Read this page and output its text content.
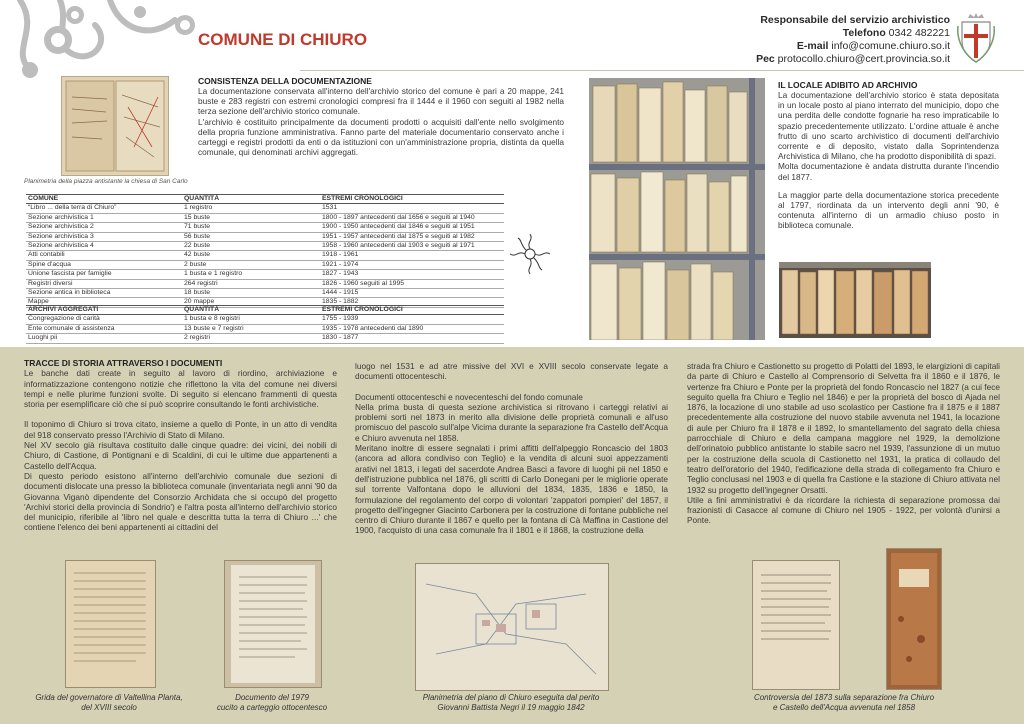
COMUNE DI CHIURO
Responsabile del servizio archivistico
Telefono 0342 482221
E-mail info@comune.chiuro.so.it
Pec protocollo.chiuro@cert.provincia.so.it
Planimetria della piazza antistante la chiesa di San Carlo
CONSISTENZA DELLA DOCUMENTAZIONE
La documentazione conservata all'interno dell'archivio storico del comune è pari a 20 mappe, 241 buste e 283 registri con estremi cronologici compresi fra il 1444 e il 1960 con seguiti al 1982 nella terza sezione dell'archivio storico comunale.
L'archivio è costituito principalmente da documenti prodotti o acquisiti dall'ente nello svolgimento della propria funzione amministrativa. Fanno parte del materiale documentario conservato anche i carteggi e registri prodotti da enti o da istituzioni con un'amministrazione propria, distinta da quella comunale, qui denominati archivi aggregati.
COMUNE	QUANTITÀ	ESTREMI CRONOLOGICI
“Libro ... della terra di Chiuro”	1 registro	1531
Sezione archivistica 1	15 buste	1800 - 1897 antecedenti dal 1656 e seguiti al 1940
Sezione archivistica 2	71 buste	1900 - 1950 antecedenti dal 1846 e seguiti al 1951
Sezione archivistica 3	56 buste	1951 - 1957 antecedenti dal 1875 e seguiti al 1982
Sezione archivistica 4	22 buste	1958 - 1960 antecedenti dal 1903 e seguiti al 1971
Atti contabili	42 buste	1918 - 1961
Spine d'acqua	2 buste	1921 - 1974
Unione fascista per famiglie	1 busta e 1 registro	1827 - 1943
Registri diversi	264 registri	1826 - 1960 seguiti al 1995
Sezione antica in biblioteca	18 buste	1444 - 1915
Mappe	20 mappe	1835 - 1882
ARCHIVI AGGREGATI	QUANTITÀ	ESTREMI CRONOLOGICI
Congregazione di carità	1 busta e 8 registri	1755 - 1939
Ente comunale di assistenza	13 buste e 7 registri	1935 - 1978 antecedenti dal 1890
Luoghi pii	2 registri	1830 - 1877
IL LOCALE ADIBITO AD ARCHIVIO
La documentazione dell'archivio storico è stata depositata in un locale posto al piano interrato del municipio, dopo che una perdita delle condotte fognarie ha reso impraticabile lo spazio precedentemente utilizzato. L'ordine attuale è anche frutto di uno scarto archivistico di documenti dell'archivio corrente e di deposito, vistato dalla Soprintendenza Archivistica di Milano, che ha prodotto disponibilità di spazi.
Molta documentazione è andata distrutta durante l'incendio del 1877.
La maggior parte della documentazione storica precedente al 1797, riordinata da un intervento degli anni '90, è contenuta all'interno di un armadio chiuso posto in biblioteca comunale.
TRACCE DI STORIA ATTRAVERSO I DOCUMENTI
Le banche dati create in seguito al lavoro di riordino, archiviazione e informatizzazione contengono notizie che riflettono la vita del comune nei diversi tempi e nelle plurime funzioni svolte. Di seguito si elencano frammenti di questa storia per esemplificare ciò che si può scoprire consultando le fonti archivistiche.
Il toponimo di Chiuro si trova citato, insieme a quello di Ponte, in un atto di vendita del 918 conservato presso l'Archivio di Stato di Milano.
Nel XV secolo già risultava costituito dalle cinque quadre: dei vicini, dei nobili di Chiuro, di Castione, di Pontignani e di Scaldini, di cui le ultime due appartenenti a Castello dell'Acqua.
Di questo periodo esistono all'interno dell'archivio comunale due sezioni di documenti dislocate una presso la biblioteca comunale (inventariata negli anni '90 da Giovanna Viganò dipendente del Consorzio Archidata che si occupò del progetto 'Archivi storici della provincia di Sondrio') e l'altra posta all'interno dell'archivio storico del municipio, riferibile al 'libro nel quale e descritta tutta la terra di Chiuro ...' che contiene l'elenco dei beni appartenenti ai cittadini del
luogo nel 1531 e ad atre missive del XVI e XVIII secolo conservate legate a documenti ottocenteschi.
Documenti ottocenteschi e novecenteschi del fondo comunale
Nella prima busta di questa sezione archivistica si ritrovano i carteggi relativi ai problemi sorti nel 1873 in merito alla divisione delle proprietà comunali e all'uso promiscuo del pascolo sull'alpe Vicima durante la separazione fra Castello dell'Acqua e Chiuro avvenuta nel 1858.
Meritano inoltre di essere segnalati i primi affitti dell'alpeggio Roncascio del 1803 (ancora ad allora condiviso con Teglio) e la vendita di alcuni suoi appezzamenti arativi nel 1813, i legati del sacerdote Andrea Basci a favore di luoghi pii nel 1850 e dell'istruzione pubblica nel 1876, gli scritti di Carlo Donegani per le migliorie operate sul torrente Valfontana dopo le alluvioni del 1834, 1835, 1836 e 1850, la formulazione del regolamento del corpo di volontari 'zappatori pompieri' del 1857, il progetto dell'ingegner Giacinto Carbonera per la costruzione di fontane pubbliche nel centro di Chiuro durante il 1867 e quello per la fontana di Cà Maffina in Castione del 1900, l'acquisto di una casa comunale fra il 1801 e il 1868, la costruzione della
strada fra Chiuro e Castionetto su progetto di Polatti del 1893, le elargizioni di capitali da parte di Chiuro e Castello al Comprensorio di Selvetta fra il 1860 e il 1876, le vertenze fra Chiuro e Ponte per la proprietà del fondo Roncascio nel 1827 (a cui fece seguito quella fra Chiuro e Teglio nel 1846) e per la proprietà del bosco di Ajada nel 1876, la locazione di uno stabile ad uso scolastico per Castione fra il 1875 e il 1887 precedentemente alla costruzione del nuovo stabile avvenuta nel 1941, la locazione di aule per Chiuro fra il 1878 e il 1892, lo smantellamento del sagrato della chiesa parrocchiale di Chiuro e della campana maggiore nel 1929, la demolizione dell'orinatoio pubblico antistante lo stabile sacro nel 1939, l'assunzione di un mutuo per la costruzione della scuola di Castionetto nel 1931, la pratica di collaudo del teatro dell'oratorio del 1940, l'edificazione della strada di collegamento fra Chiuro e Teglio conclusasi nel 1903 e di quella fra Castione e la stazione di Chiuro attivata nel 1932 su progetto dell'ingegner Orsatti.
Utile a fini amministrativi è da ricordare la richiesta di separazione promossa dai frazionisti di Casacce al comune di Chiuro nel 1905 - 1922, per volontà d'unirsi a Ponte.
Grida del governatore di Valtellina Planta,
del XVIII secolo
Documento del 1979
cucito a carteggio ottocentesco
Planimetria del piano di Chiuro eseguita dal perito
Giovanni Battista Negri il 19 maggio 1842
Controversia del 1873 sulla separazione fra Chiuro
e Castello dell'Acqua avvenuta nel 1858
